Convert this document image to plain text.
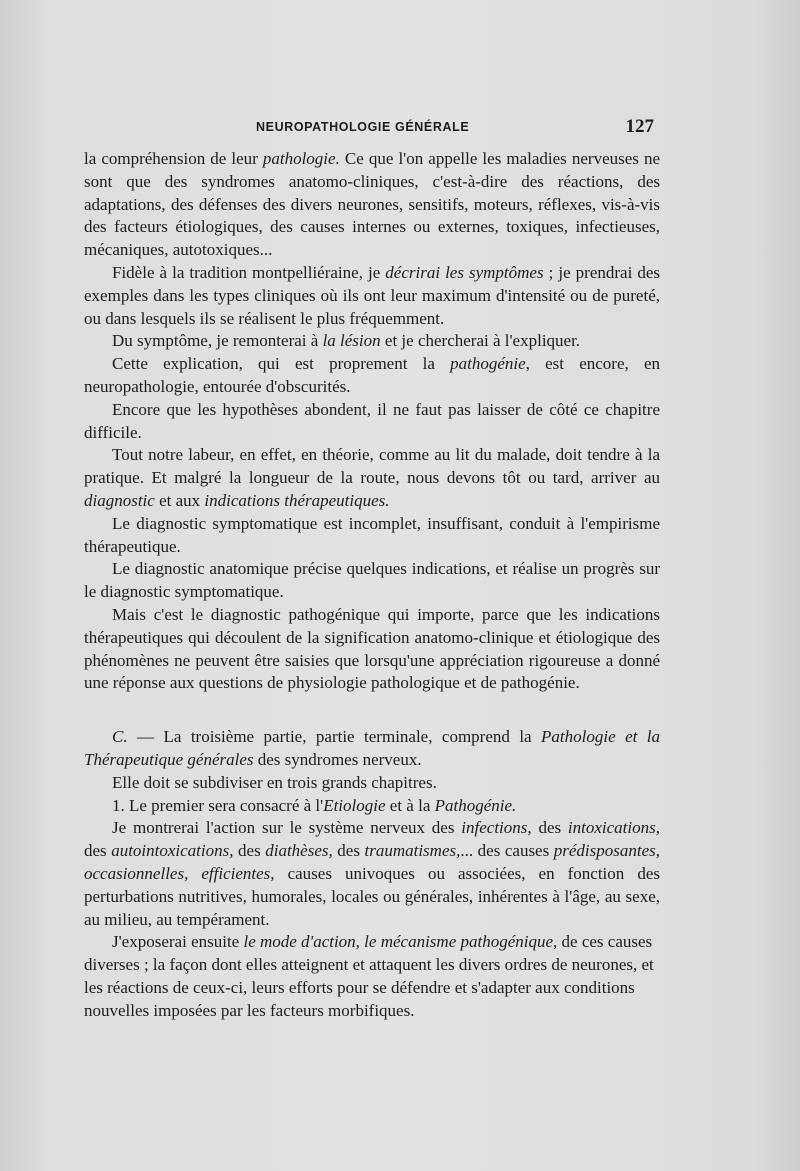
NEUROPATHOLOGIE GÉNÉRALE	127

la compréhension de leur pathologie. Ce que l'on appelle les maladies nerveuses ne sont que des syndromes anatomo-cliniques, c'est-à-dire des réactions, des adaptations, des défenses des divers neurones, sensitifs, moteurs, réflexes, vis-à-vis des facteurs étiologiques, des causes internes ou externes, toxiques, infectieuses, mécaniques, autotoxiques...

Fidèle à la tradition montpelliéraine, je décrirai les symptômes ; je prendrai des exemples dans les types cliniques où ils ont leur maximum d'intensité ou de pureté, ou dans lesquels ils se réalisent le plus fréquemment.

Du symptôme, je remonterai à la lésion et je chercherai à l'expliquer.

Cette explication, qui est proprement la pathogénie, est encore, en neuropathologie, entourée d'obscurités.

Encore que les hypothèses abondent, il ne faut pas laisser de côté ce chapitre difficile.

Tout notre labeur, en effet, en théorie, comme au lit du malade, doit tendre à la pratique. Et malgré la longueur de la route, nous devons tôt ou tard, arriver au diagnostic et aux indications thérapeutiques.

Le diagnostic symptomatique est incomplet, insuffisant, conduit à l'empirisme thérapeutique.

Le diagnostic anatomique précise quelques indications, et réalise un progrès sur le diagnostic symptomatique.

Mais c'est le diagnostic pathogénique qui importe, parce que les indications thérapeutiques qui découlent de la signification anatomo-clinique et étiologique des phénomènes ne peuvent être saisies que lorsqu'une appréciation rigoureuse a donné une réponse aux questions de physiologie pathologique et de pathogénie.

C. — La troisième partie, partie terminale, comprend la Pathologie et la Thérapeutique générales des syndromes nerveux.

Elle doit se subdiviser en trois grands chapitres.

1. Le premier sera consacré à l'Etiologie et à la Pathogénie.

Je montrerai l'action sur le système nerveux des infections, des intoxications, des autointoxications, des diathèses, des traumatismes,... des causes prédisposantes, occasionnelles, efficientes, causes univoques ou associées, en fonction des perturbations nutritives, humorales, locales ou générales, inhérentes à l'âge, au sexe, au milieu, au tempérament.

J'exposerai ensuite le mode d'action, le mécanisme pathogénique, de ces causes diverses ; la façon dont elles atteignent et attaquent les divers ordres de neurones, et les réactions de ceux-ci, leurs efforts pour se défendre et s'adapter aux conditions nouvelles imposées par les facteurs morbifiques.
